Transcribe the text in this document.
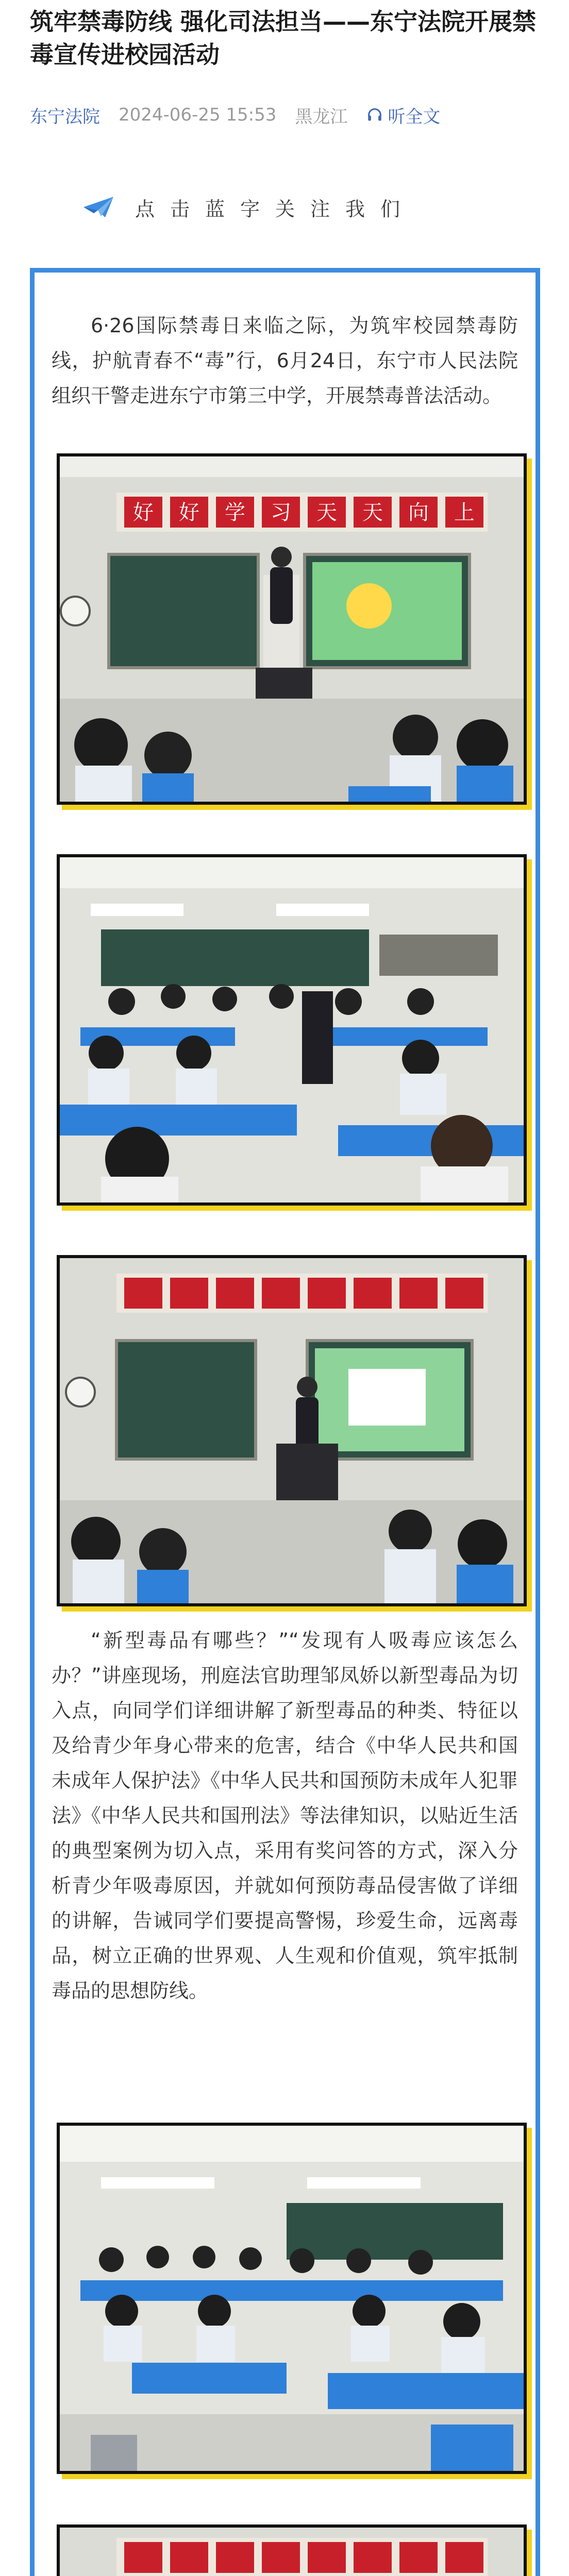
筑牢禁毒防线 强化司法担当——东宁法院开展禁毒宣传进校园活动
东宁法院 2024-06-25 15:53 黑龙江 听全文
点击蓝字关注我们
6·26国际禁毒日来临之际，为筑牢校园禁毒防线，护航青春不“毒”行，6月24日，东宁市人民法院组织干警走进东宁市第三中学，开展禁毒普法活动。
好 好 学 习 天 天 向 上
“新型毒品有哪些？”“发现有人吸毒应该怎么办？”讲座现场，刑庭法官助理邹凤娇以新型毒品为切入点，向同学们详细讲解了新型毒品的种类、特征以及给青少年身心带来的危害，结合《中华人民共和国未成年人保护法》《中华人民共和国预防未成年人犯罪法》《中华人民共和国刑法》等法律知识，以贴近生活的典型案例为切入点，采用有奖问答的方式，深入分析青少年吸毒原因，并就如何预防毒品侵害做了详细的讲解，告诫同学们要提高警惕，珍爱生命，远离毒品，树立正确的世界观、人生观和价值观，筑牢抵制毒品的思想防线。
